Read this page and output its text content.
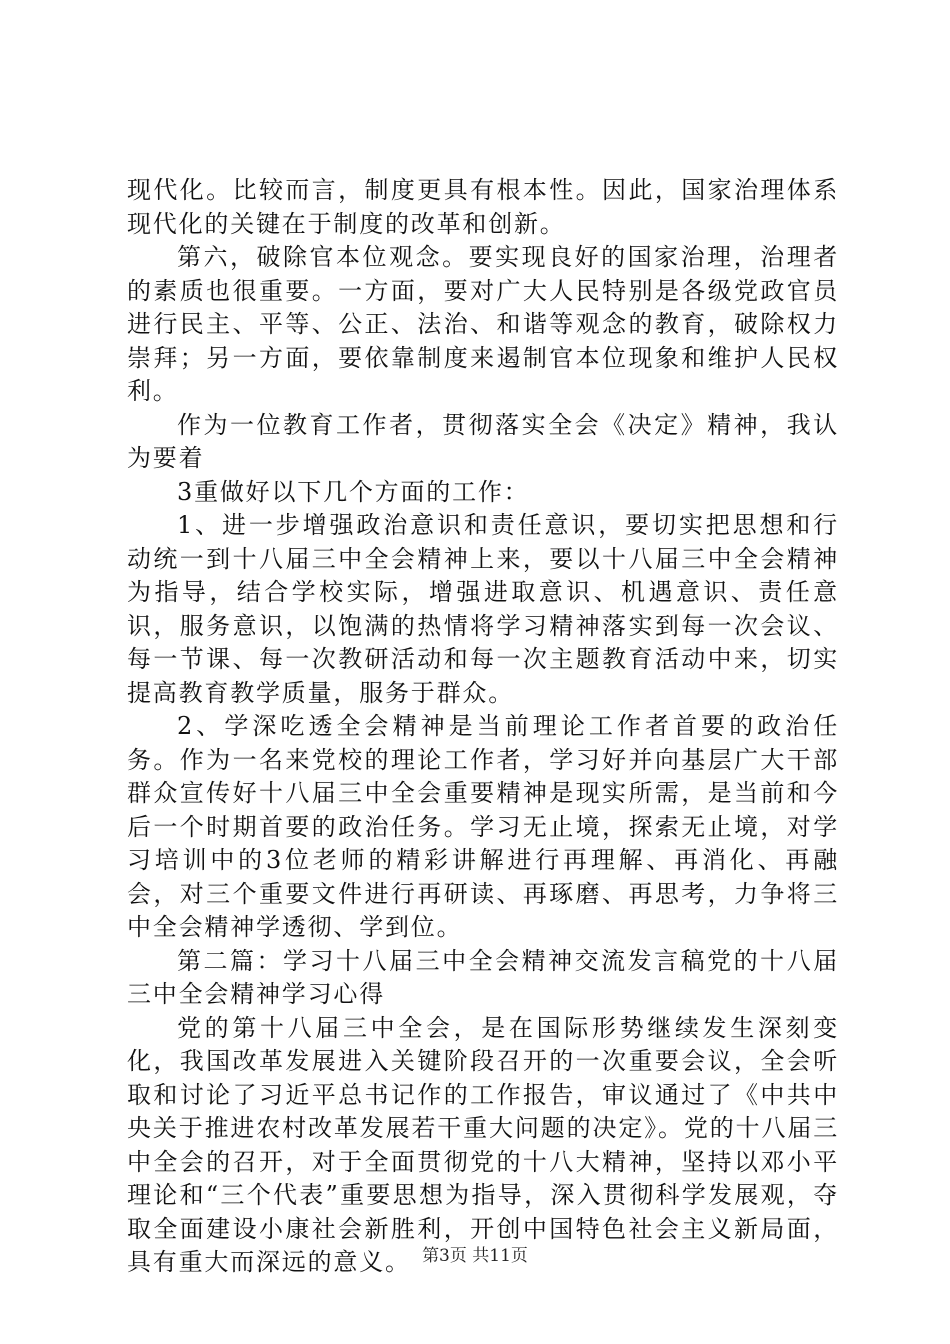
现代化。比较而言，制度更具有根本性。因此，国家治理体系现代化的关键在于制度的改革和创新。

第六，破除官本位观念。要实现良好的国家治理，治理者的素质也很重要。一方面，要对广大人民特别是各级党政官员进行民主、平等、公正、法治、和谐等观念的教育，破除权力崇拜；另一方面，要依靠制度来遏制官本位现象和维护人民权利。

作为一位教育工作者，贯彻落实全会《决定》精神，我认为要着

3重做好以下几个方面的工作：

1、进一步增强政治意识和责任意识，要切实把思想和行动统一到十八届三中全会精神上来，要以十八届三中全会精神为指导，结合学校实际，增强进取意识、机遇意识、责任意识，服务意识，以饱满的热情将学习精神落实到每一次会议、每一节课、每一次教研活动和每一次主题教育活动中来，切实提高教育教学质量，服务于群众。

2、学深吃透全会精神是当前理论工作者首要的政治任务。作为一名来党校的理论工作者，学习好并向基层广大干部群众宣传好十八届三中全会重要精神是现实所需，是当前和今后一个时期首要的政治任务。学习无止境，探索无止境，对学习培训中的3位老师的精彩讲解进行再理解、再消化、再融会，对三个重要文件进行再研读、再琢磨、再思考，力争将三中全会精神学透彻、学到位。

第二篇：学习十八届三中全会精神交流发言稿党的十八届三中全会精神学习心得

党的第十八届三中全会，是在国际形势继续发生深刻变化，我国改革发展进入关键阶段召开的一次重要会议，全会听取和讨论了习近平总书记作的工作报告，审议通过了《中共中央关于推进农村改革发展若干重大问题的决定》。党的十八届三中全会的召开，对于全面贯彻党的十八大精神，坚持以邓小平理论和“三个代表”重要思想为指导，深入贯彻科学发展观，夺取全面建设小康社会新胜利，开创中国特色社会主义新局面，具有重大而深远的意义。 第3页 共11页
